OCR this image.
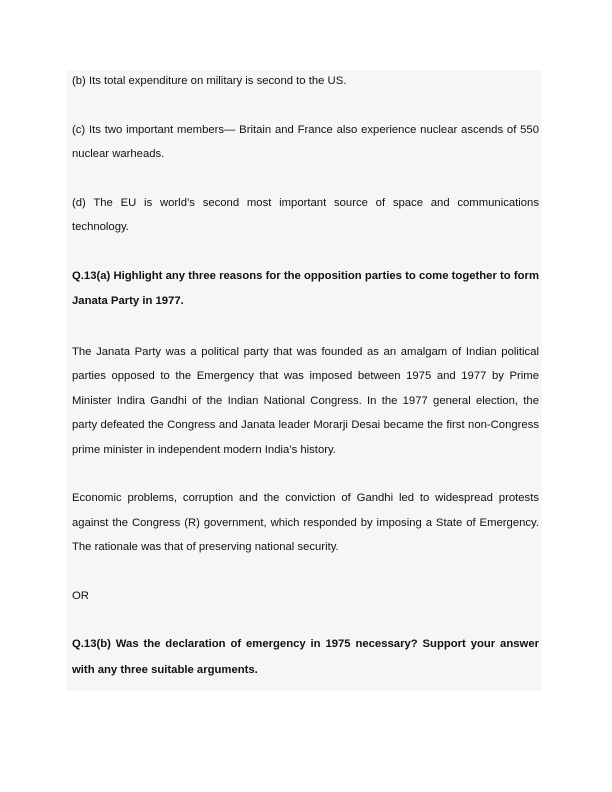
(b) Its total expenditure on military is second to the US.

(c) Its two important members— Britain and France also experience nuclear ascends of 550 nuclear warheads.

(d) The EU is world’s second most important source of space and communications technology.

Q.13(a) Highlight any three reasons for the opposition parties to come together to form Janata Party in 1977.

The Janata Party was a political party that was founded as an amalgam of Indian political parties opposed to the Emergency that was imposed between 1975 and 1977 by Prime Minister Indira Gandhi of the Indian National Congress. In the 1977 general election, the party defeated the Congress and Janata leader Morarji Desai became the first non-Congress prime minister in independent modern India’s history.

Economic problems, corruption and the conviction of Gandhi led to widespread protests against the Congress (R) government, which responded by imposing a State of Emergency. The rationale was that of preserving national security.

OR

Q.13(b) Was the declaration of emergency in 1975 necessary? Support your answer with any three suitable arguments.
